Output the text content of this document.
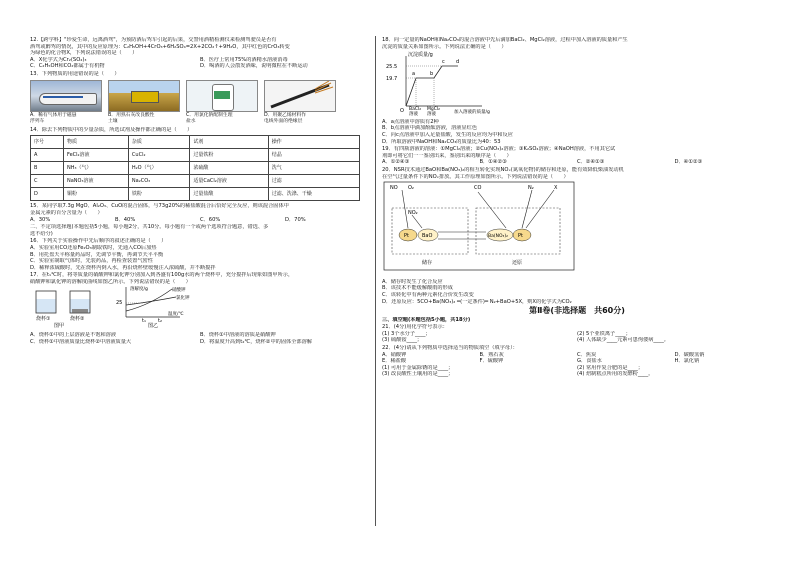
12.【跨学科】"珍爱生命，远离酒驾"，为预防酒后驾车引起的后果，交警用酒精检测仪来检测驾驶员是否有
酒驾或醉驾的情况，其中的反应原理为：C₂H₅OH+4CrO₃+6H₂SO₄=2X+2CO₂↑+9H₂O，其中红色的CrO₃转变
为绿色的化合物X，下列说法错误的是（　　）
A．X化学式为Cr₂(SO₄)₃	B．医疗上常用75%的酒精水溶液消毒
C．C₂H₅OH和CO₂都属于有机物	D．喝酒的人会散发酒味，说明微粒在不断运动
13．下列物质的用途错误的是（　　）
A．稀有气体用于磁悬
浮列车
B．用熟石灰改良酸性
土壤
C．用氯化钠配制生理
盐水
D．用聚乙烯材料作
电线外面的绝缘层
14．除去下列物质中的少量杂质，所选试剂及操作都正确的是（　　）
序号	物质	杂质	试剂	操作
A	FeCl₂溶液	CuCl₂	过量铁粉	结晶
B	NH₃（气）	H₂O（气）	浓硫酸	洗气
C	NaNO₃溶液	Na₂CO₃	适量CaCl₂溶液	过滤
D	铜粉	铁粉	过量盐酸	过滤、洗涤、干燥
15．某同学取7.3g MgO、Al₂O₃、CuO的混合固体，与73g20%的稀盐酸混合后恰好完全反应，则该混合固体中
金属元素的百分含量为（　　）
A．30%	B．40%	C．60%	D．70%
二、不定项选择题(本题包括5小题，每小题2分，共10分。每小题有一个或两个选项符合题意，错选、多
选不给分)
16．下列关于实验操作中先后顺序的叙述正确的是（　　）
A．实验室用CO还原Fe₂O₃制取铁时，先通入CO后加热
B．用托盘天平称量药品时，先调节平衡，再调节天平平衡
C．实验室制取气体时，先装药品，再检查装置气密性
D．稀释浓硫酸时，先在烧杯内倒入水，再沿烧杯壁缓慢注入浓硫酸，并不断搅拌
17．在t₁℃时，将等质量的硝酸钾和氯化钾分别加入到各盛有100g水的两个烧杯中，充分搅拌后现象如图甲所示，
硝酸钾和氯化钾的溶解度曲线如图乙所示。下列说法错误的是（　　）
烧杯①	烧杯②
图甲
25
t₁ t₂
溶解度/g
温度/℃
硝酸钾
氯化钾
图乙
A．烧杯①中的上层溶液是不饱和溶液	B．烧杯①中溶液的溶质是硝酸钾
C．烧杯①中溶液质量比烧杯②中溶液质量大	D．将温度升高到t₂℃，烧杯②中的固体全部溶解
18．向一定量的NaOH和Na₂CO₃的混合溶液中先后滴加BaCl₂、MgCl₂溶液，过程中加入溶液的质量和产生
沉淀的质量关系如图所示。下列说法正确的是（　　）
沉淀质量/g
25.5
19.7
O
a	b
c d
BaCl₂
溶液
MgCl₂
溶液	加入溶液的质量/g
A．a点溶液中溶质有2种
B．b点溶液中滴加酚酞溶液，溶液显红色
C．向c点溶液中加入足量盐酸，发生的反应均为中和反应
D．所取溶液中NaOH和Na₂CO₃的质量比为40：53
19．有四瓶溶液的溶液：①MgCl₂溶液；②Cu(NO₃)₂溶液；③K₂SO₄溶液；④NaOH溶液，不用其它试
剂即可将它们一一鉴别出来，鉴别出来的顺序是（　　）
A．①②④③	B．①④②③	C．②④①③	D．④①②③
20．NSR技术通过BaO和Ba(NO₃)₂的相互转化实现NOₓ(氮氧化物)的储存和还原，能有效降低柴油发动机
在空气过量条件下的NOₓ排放。其工作原理如图所示。下列说法错误的是（　　）
Pt	BaO	Ba(NO₃)₂ Pt
NO O₂
NO₂
CO	N₂	X
储存	还原
A．储存时发生了化合反应
B．该技术不能缓解酸雨的形成
C．该转化中有两种元素化合价发生改变
D．还原反应：5CO+Ba(NO₃)₂ ═(一定条件)═ N₂+BaO+5X，则X的化学式为CO₂
第Ⅱ卷(非选择题　共60分)
三、填空题(本题包括5小题，共18分)
21．(4分)用化学符号表示：
(1) 3个水分子____；	(2) 5个亚铁离子____；
(3) 硫酸铵____；	(4) 人体缺少____元素可患佝偻病____。
22．(4分)请从下列物质中选择适当的物质填空（填字母）：
A．硝酸钾	B．熟石灰	C．焦炭	D．碳酸氢钠
E．稀盐酸	F．硫酸钾	G．食盐水	H．氯化钠
(1) 可用于金属除锈的是____；	(2) 常用作复合肥的是____；
(3) 改良酸性土壤用的是____；	(4) 焙制糕点所用的发酵粉____。
